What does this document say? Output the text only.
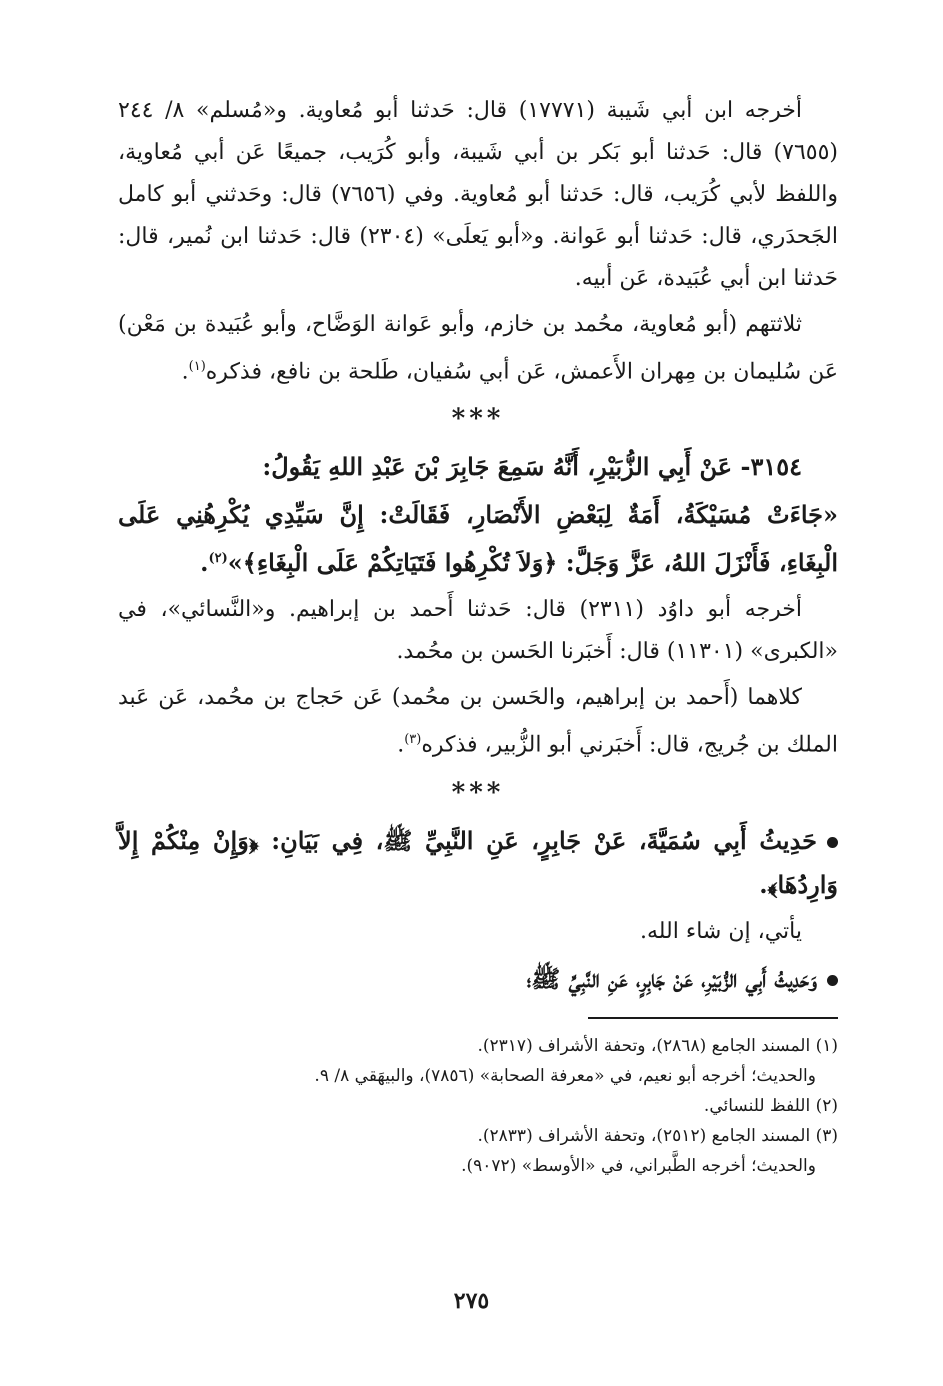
أخرجه ابن أبي شَيبة (١٧٧٧١) قال: حَدثنا أبو مُعاوية. و«مُسلم» ٨/ ٢٤٤ (٧٦٥٥) قال: حَدثنا أبو بَكر بن أبي شَيبة، وأبو كُرَيب، جميعًا عَن أبي مُعاوية، واللفظ لأبي كُرَيب، قال: حَدثنا أبو مُعاوية. وفي (٧٦٥٦) قال: وحَدثني أبو كامل الجَحدَري، قال: حَدثنا أبو عَوانة. و«أبو يَعلَى» (٢٣٠٤) قال: حَدثنا ابن نُمير، قال: حَدثنا ابن أبي عُبَيدة، عَن أبيه.

ثلاثتهم (أبو مُعاوية، محُمد بن خازم، وأبو عَوانة الوَضَّاح، وأبو عُبَيدة بن مَعْن) عَن سُليمان بن مِهران الأَعمش، عَن أبي سُفيان، طَلحة بن نافع، فذكره$^{(١)}$.

***

٣١٥٤- عَنْ أَبِي الزُّبَيْرِ، أَنَّهُ سَمِعَ جَابِرَ بْنَ عَبْدِ اللهِ يَقُولُ:

«جَاءَتْ مُسَيْكَةُ، أَمَةٌ لِبَعْضِ الأَنْصَارِ، فَقَالَتْ: إِنَّ سَيِّدِي يُكْرِهُنِي عَلَى الْبِغَاءِ، فَأَنْزَلَ اللهُ، عَزَّ وَجَلَّ: ﴿وَلاَ تُكْرِهُوا فَتَيَاتِكُمْ عَلَى الْبِغَاءِ﴾»$^{(٢)}$.

أخرجه أبو داوُد (٢٣١١) قال: حَدثنا أَحمد بن إبراهيم. و«النَّسائي»، في «الكبرى» (١١٣٠١) قال: أَخبَرنا الحَسن بن محُمد.

كلاهما (أَحمد بن إبراهيم، والحَسن بن محُمد) عَن حَجاج بن محُمد، عَن عَبد الملك بن جُريج، قال: أَخبَرني أبو الزُّبير، فذكره$^{(٣)}$.

***

حَدِيثُ أَبِي سُمَيَّةَ، عَنْ جَابِرٍ، عَنِ النَّبِيِّ ﷺ، فِي بَيَانِ: ﴿وَإِنْ مِنْكُمْ إِلاَّ وَارِدُهَا﴾.

يأتي، إن شاء الله.

وَحَدِيثُ أَبِي الزُّبَيْرِ، عَنْ جَابِرٍ، عَنِ النَّبِيِّ ﷺ؛

(١) المسند الجامع (٢٨٦٨)، وتحفة الأشراف (٢٣١٧).

والحديث؛ أخرجه أبو نعيم، في «معرفة الصحابة» (٧٨٥٦)، والبيهَقي ٨/ ٩.

(٢) اللفظ للنسائي.

(٣) المسند الجامع (٢٥١٢)، وتحفة الأشراف (٢٨٣٣).

والحديث؛ أخرجه الطَّبراني، في «الأوسط» (٩٠٧٢).

٢٧٥
